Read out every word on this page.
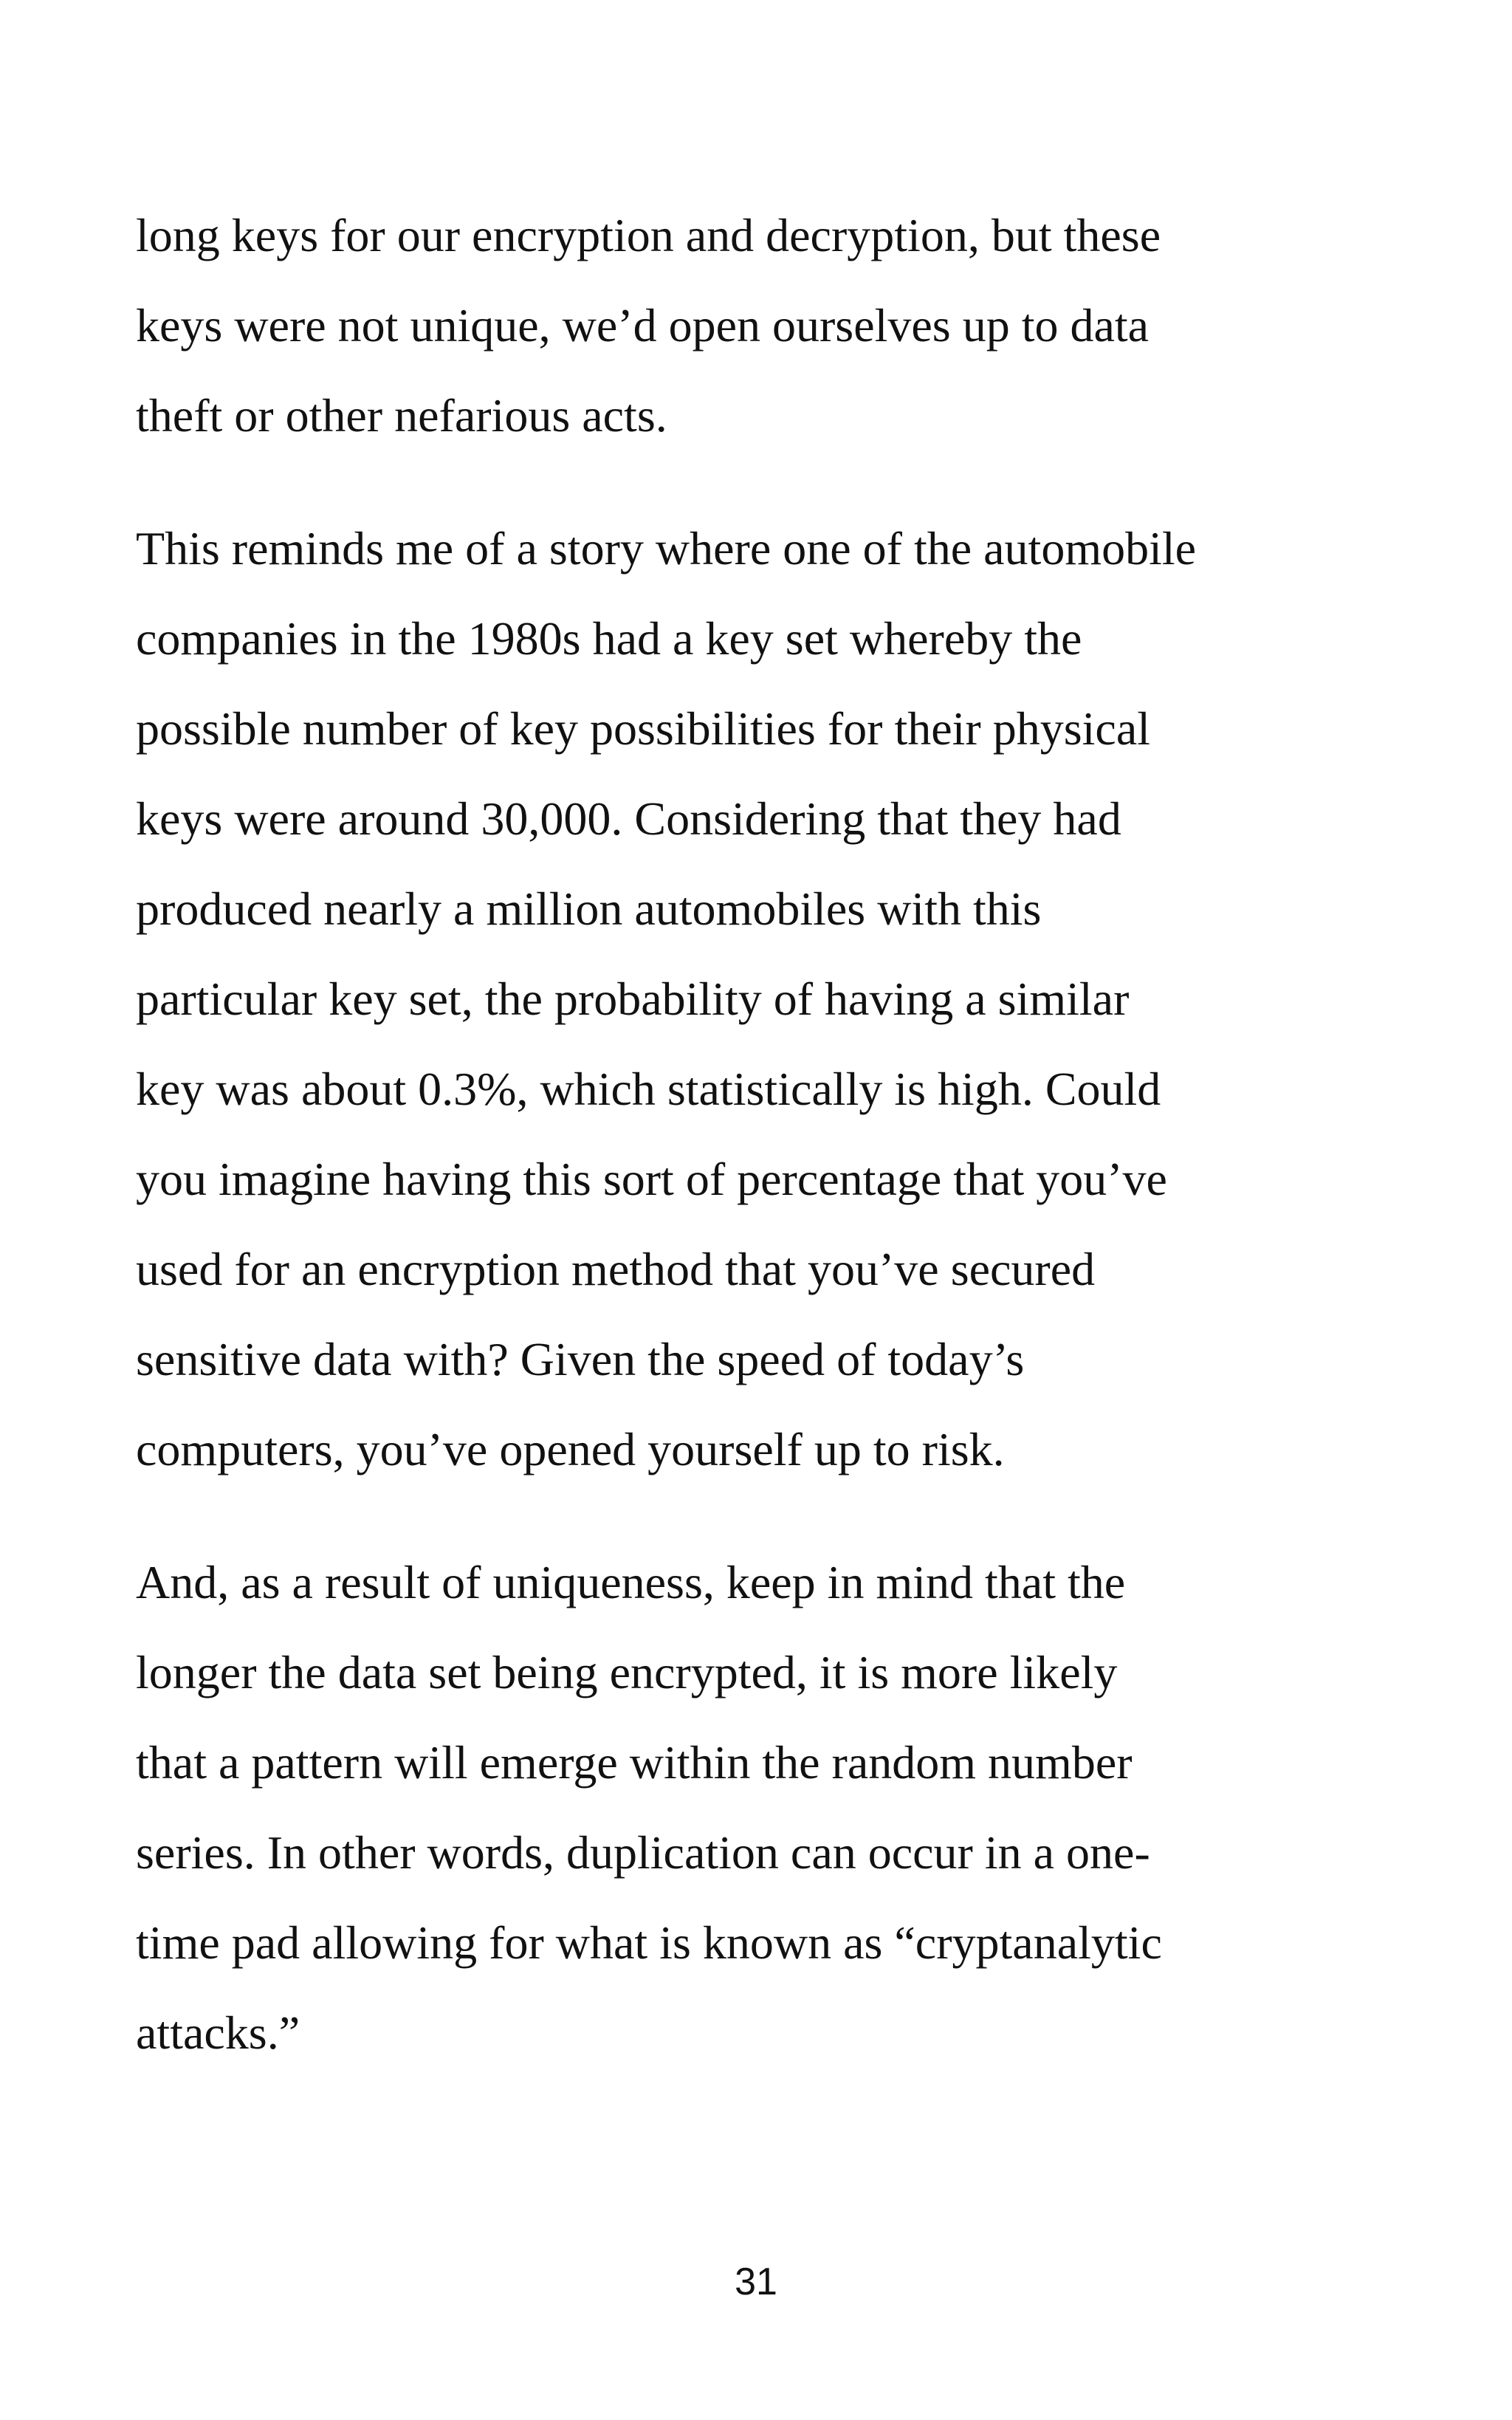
long keys for our encryption and decryption, but these
keys were not unique, we’d open ourselves up to data
theft or other nefarious acts.

This reminds me of a story where one of the automobile
companies in the 1980s had a key set whereby the
possible number of key possibilities for their physical
keys were around 30,000. Considering that they had
produced nearly a million automobiles with this
particular key set, the probability of having a similar
key was about 0.3%, which statistically is high. Could
you imagine having this sort of percentage that you’ve
used for an encryption method that you’ve secured
sensitive data with? Given the speed of today’s
computers, you’ve opened yourself up to risk.

And, as a result of uniqueness, keep in mind that the
longer the data set being encrypted, it is more likely
that a pattern will emerge within the random number
series. In other words, duplication can occur in a one-
time pad allowing for what is known as “cryptanalytic
attacks.”

31
